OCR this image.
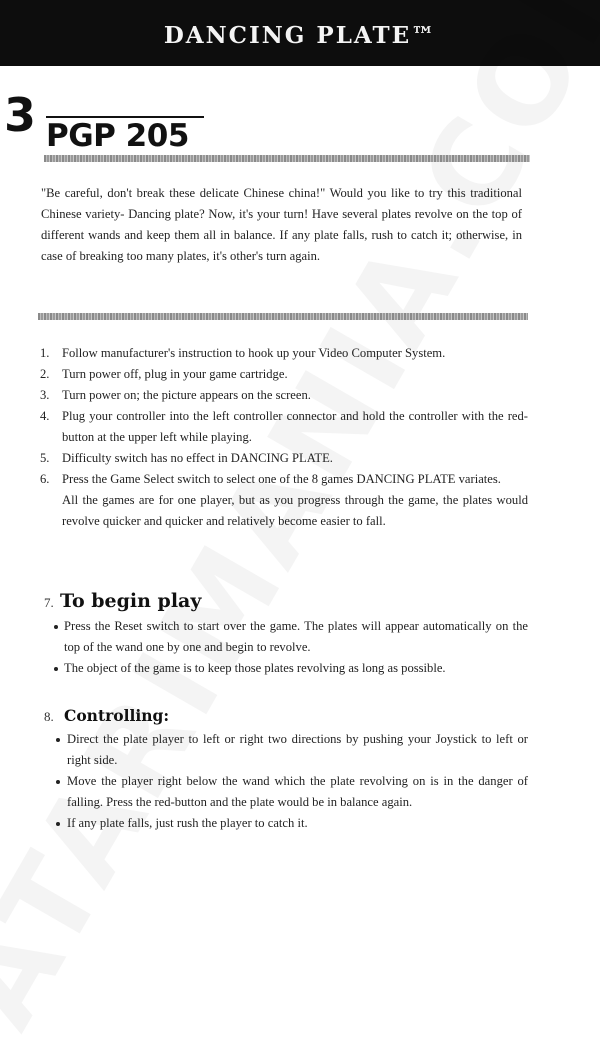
DANCING PLATE™
3 PGP 205

"Be careful, don't break these delicate Chinese china!" Would you like to try this traditional Chinese variety- Dancing plate? Now, it's your turn! Have several plates revolve on the top of different wands and keep them all in balance. If any plate falls, rush to catch it; otherwise, in case of breaking too many plates, it's other's turn again.

1. Follow manufacturer's instruction to hook up your Video Computer System.
2. Turn power off, plug in your game cartridge.
3. Turn power on; the picture appears on the screen.
4. Plug your controller into the left controller connector and hold the controller with the red-button at the upper left while playing.
5. Difficulty switch has no effect in DANCING PLATE.
6. Press the Game Select switch to select one of the 8 games DANCING PLATE variates.
All the games are for one player, but as you progress through the game, the plates would revolve quicker and quicker and relatively become easier to fall.
7. To begin play
Press the Reset switch to start over the game. The plates will appear automatically on the top of the wand one by one and begin to revolve.
The object of the game is to keep those plates revolving as long as possible.
8. Controlling:
Direct the plate player to left or right two directions by pushing your Joystick to left or right side.
Move the player right below the wand which the plate revolving on is in the danger of falling. Press the red-button and the plate would be in balance again.
If any plate falls, just rush the player to catch it.
